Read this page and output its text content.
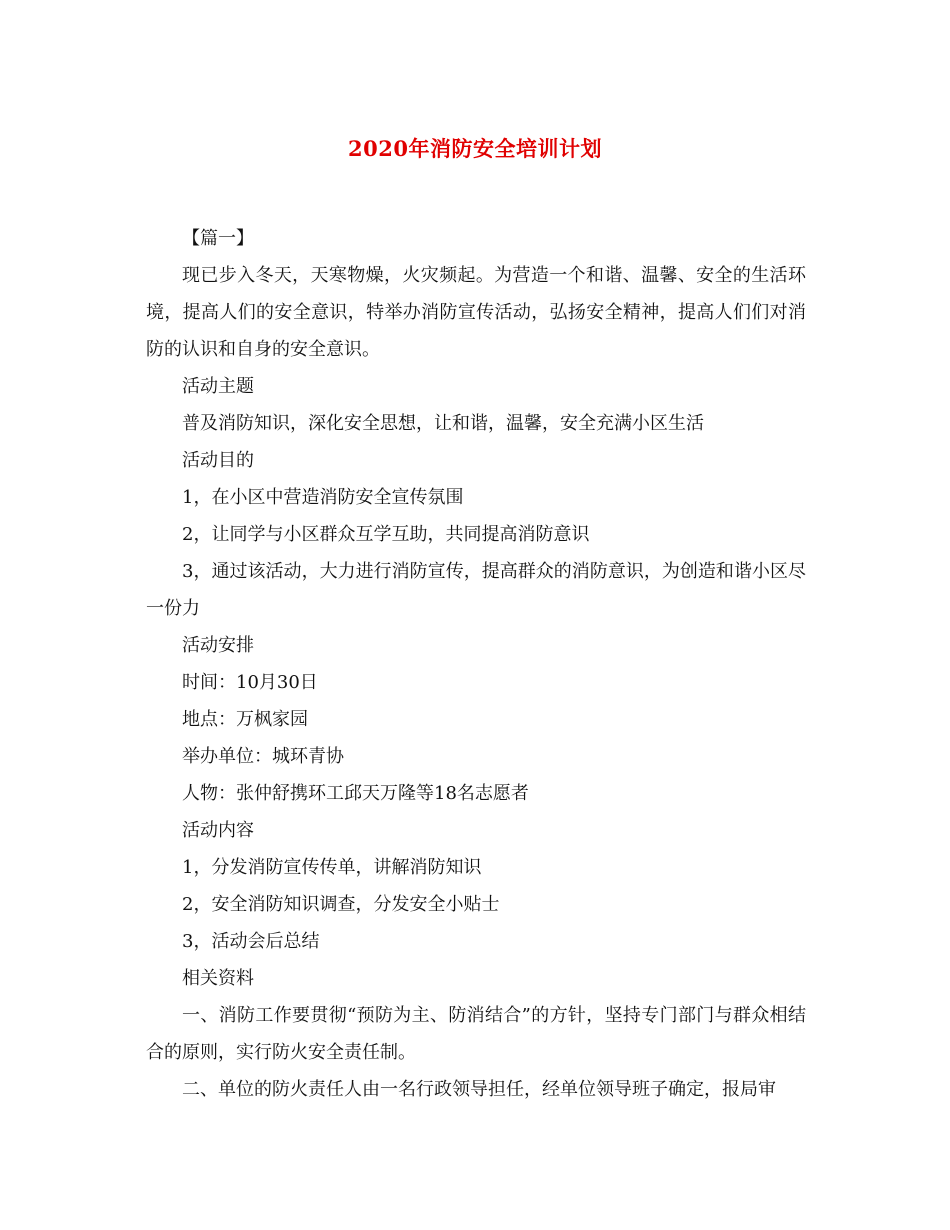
2020年消防安全培训计划

【篇一】

现已步入冬天，天寒物燥，火灾频起。为营造一个和谐、温馨、安全的生活环境，提高人们的安全意识，特举办消防宣传活动，弘扬安全精神，提高人们们对消防的认识和自身的安全意识。

活动主题

普及消防知识，深化安全思想，让和谐，温馨，安全充满小区生活

活动目的

1，在小区中营造消防安全宣传氛围

2，让同学与小区群众互学互助，共同提高消防意识

3，通过该活动，大力进行消防宣传，提高群众的消防意识，为创造和谐小区尽一份力

活动安排

时间：10月30日

地点：万枫家园

举办单位：城环青协

人物：张仲舒携环工邱天万隆等18名志愿者

活动内容

1，分发消防宣传传单，讲解消防知识

2，安全消防知识调查，分发安全小贴士

3，活动会后总结

相关资料

一、消防工作要贯彻“预防为主、防消结合”的方针，坚持专门部门与群众相结合的原则，实行防火安全责任制。

二、单位的防火责任人由一名行政领导担任，经单位领导班子确定，报局审
